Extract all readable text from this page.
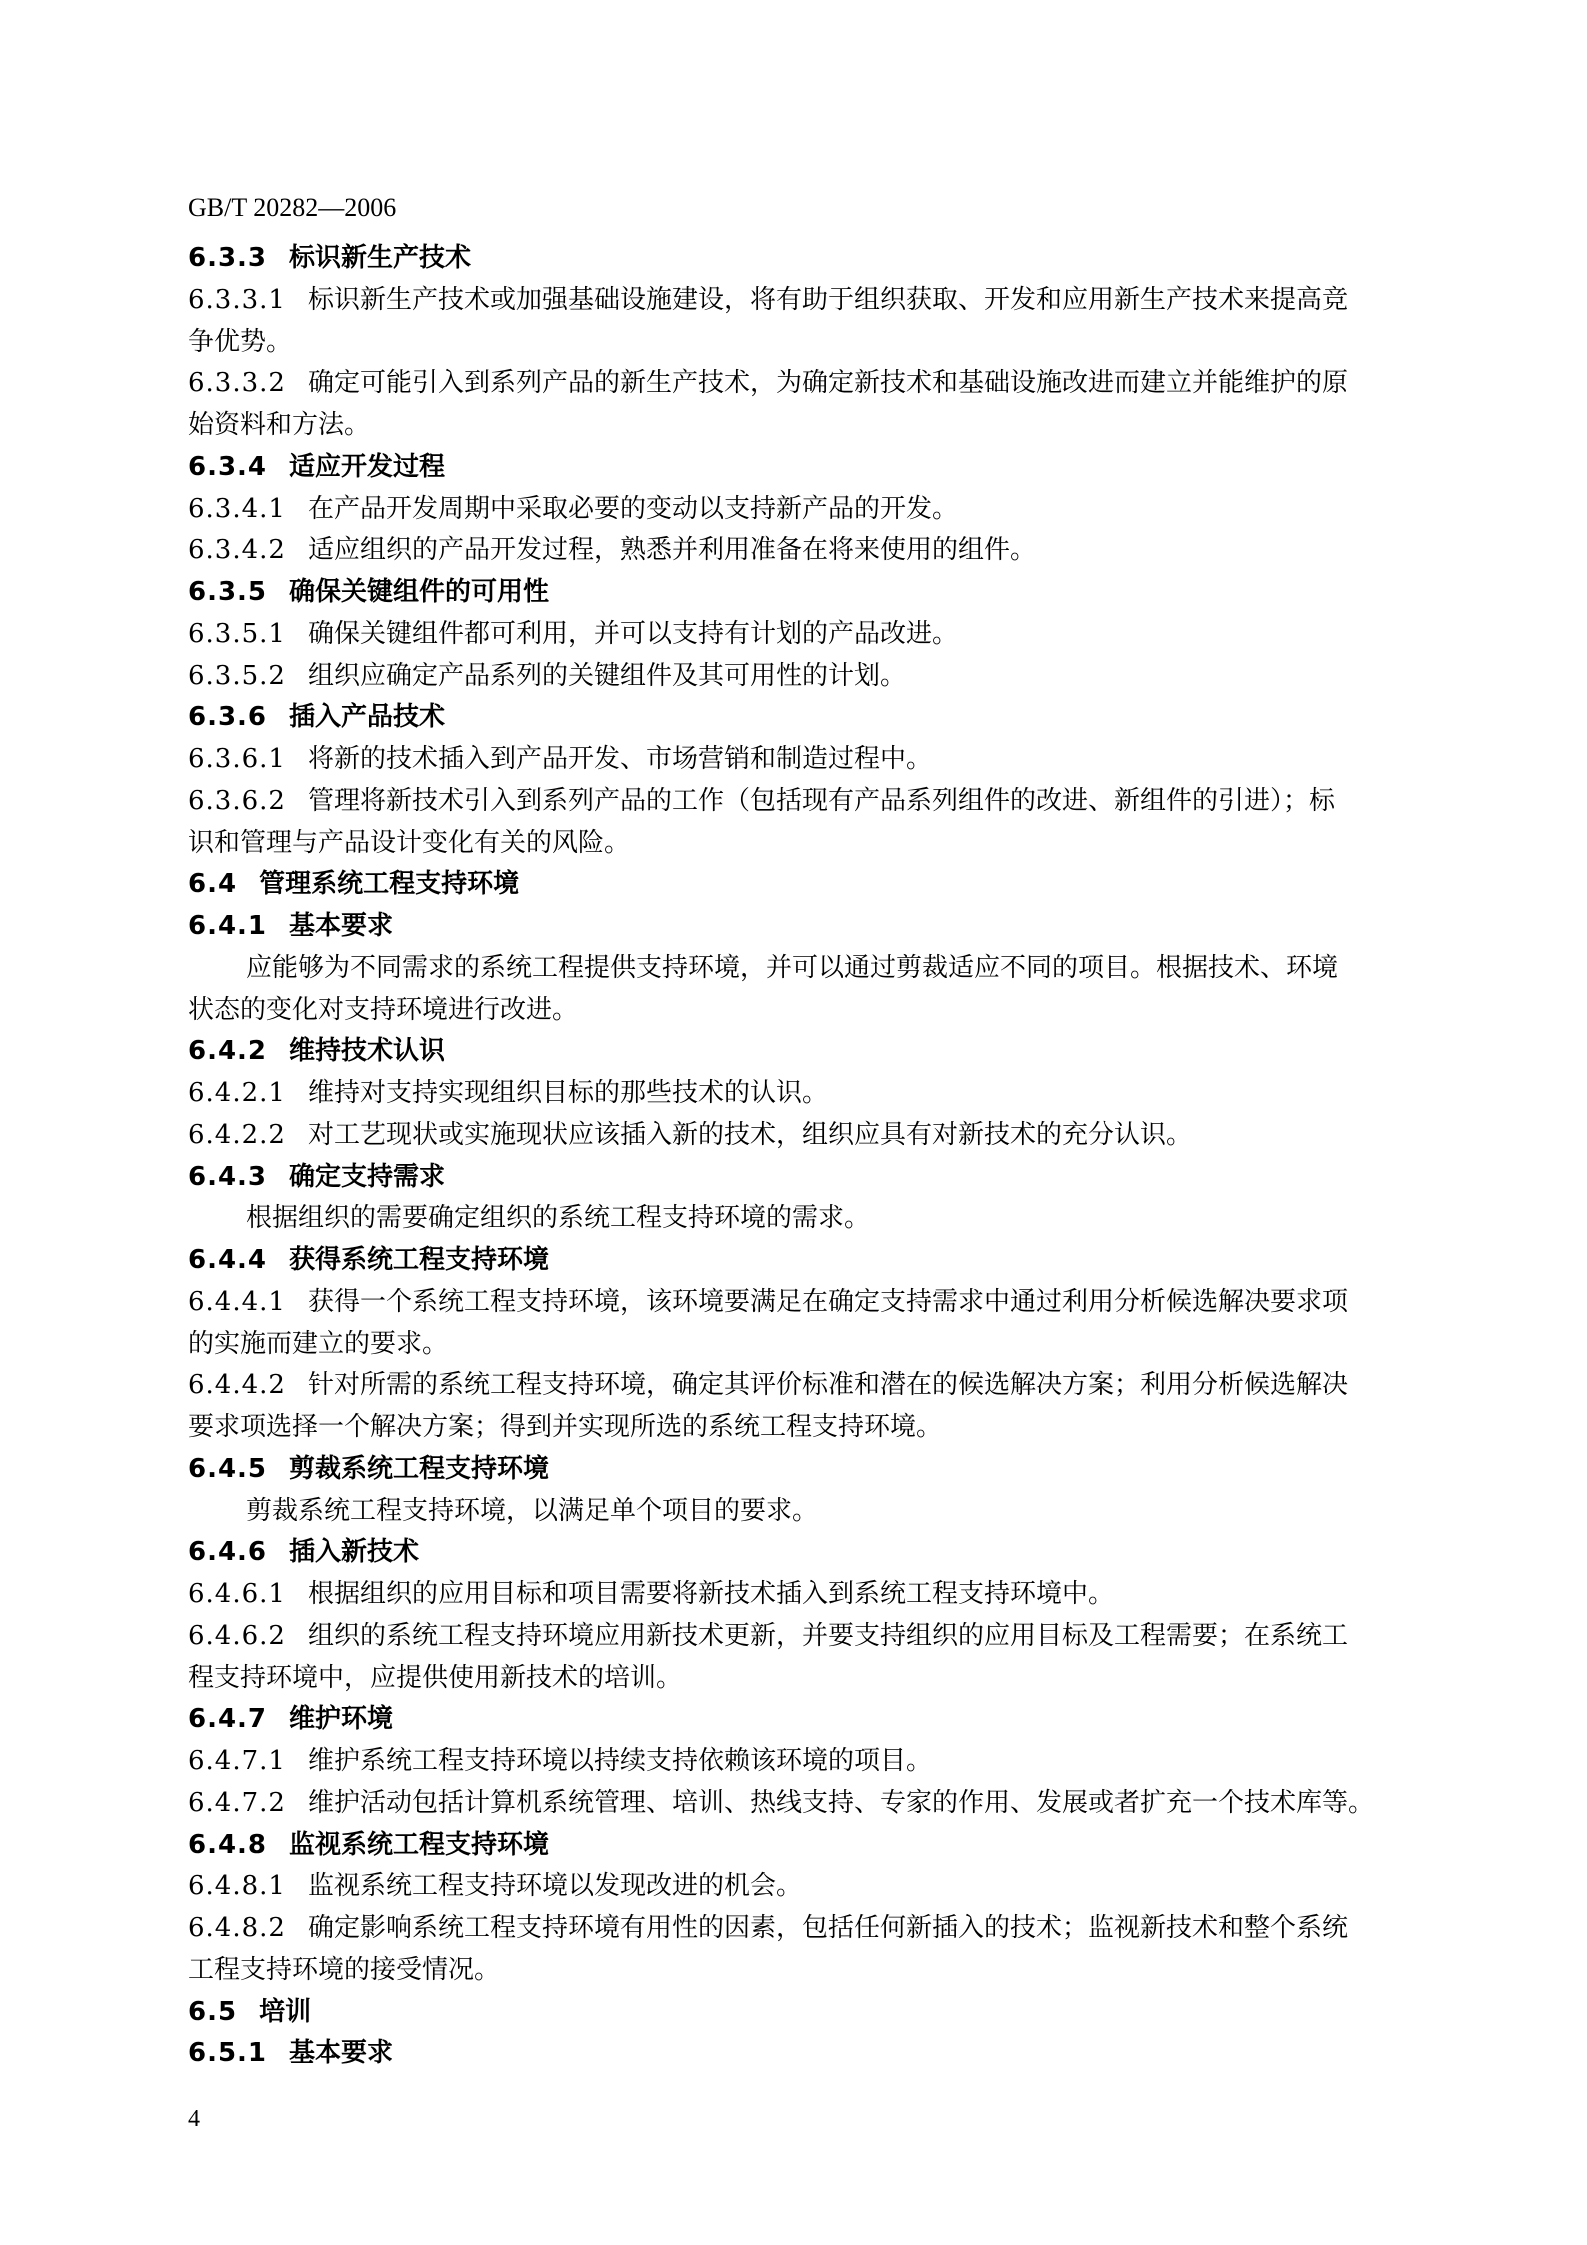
GB/T 20282—2006
6.3.3 标识新生产技术
6.3.3.1 标识新生产技术或加强基础设施建设，将有助于组织获取、开发和应用新生产技术来提高竞
争优势。
6.3.3.2 确定可能引入到系列产品的新生产技术，为确定新技术和基础设施改进而建立并能维护的原
始资料和方法。
6.3.4 适应开发过程
6.3.4.1 在产品开发周期中采取必要的变动以支持新产品的开发。
6.3.4.2 适应组织的产品开发过程，熟悉并利用准备在将来使用的组件。
6.3.5 确保关键组件的可用性
6.3.5.1 确保关键组件都可利用，并可以支持有计划的产品改进。
6.3.5.2 组织应确定产品系列的关键组件及其可用性的计划。
6.3.6 插入产品技术
6.3.6.1 将新的技术插入到产品开发、市场营销和制造过程中。
6.3.6.2 管理将新技术引入到系列产品的工作（包括现有产品系列组件的改进、新组件的引进）；标
识和管理与产品设计变化有关的风险。
6.4 管理系统工程支持环境
6.4.1 基本要求
应能够为不同需求的系统工程提供支持环境，并可以通过剪裁适应不同的项目。根据技术、环境
状态的变化对支持环境进行改进。
6.4.2 维持技术认识
6.4.2.1 维持对支持实现组织目标的那些技术的认识。
6.4.2.2 对工艺现状或实施现状应该插入新的技术，组织应具有对新技术的充分认识。
6.4.3 确定支持需求
根据组织的需要确定组织的系统工程支持环境的需求。
6.4.4 获得系统工程支持环境
6.4.4.1 获得一个系统工程支持环境，该环境要满足在确定支持需求中通过利用分析候选解决要求项
的实施而建立的要求。
6.4.4.2 针对所需的系统工程支持环境，确定其评价标准和潜在的候选解决方案；利用分析候选解决
要求项选择一个解决方案；得到并实现所选的系统工程支持环境。
6.4.5 剪裁系统工程支持环境
剪裁系统工程支持环境，以满足单个项目的要求。
6.4.6 插入新技术
6.4.6.1 根据组织的应用目标和项目需要将新技术插入到系统工程支持环境中。
6.4.6.2 组织的系统工程支持环境应用新技术更新，并要支持组织的应用目标及工程需要；在系统工
程支持环境中，应提供使用新技术的培训。
6.4.7 维护环境
6.4.7.1 维护系统工程支持环境以持续支持依赖该环境的项目。
6.4.7.2 维护活动包括计算机系统管理、培训、热线支持、专家的作用、发展或者扩充一个技术库等。
6.4.8 监视系统工程支持环境
6.4.8.1 监视系统工程支持环境以发现改进的机会。
6.4.8.2 确定影响系统工程支持环境有用性的因素，包括任何新插入的技术；监视新技术和整个系统
工程支持环境的接受情况。
6.5 培训
6.5.1 基本要求
4
